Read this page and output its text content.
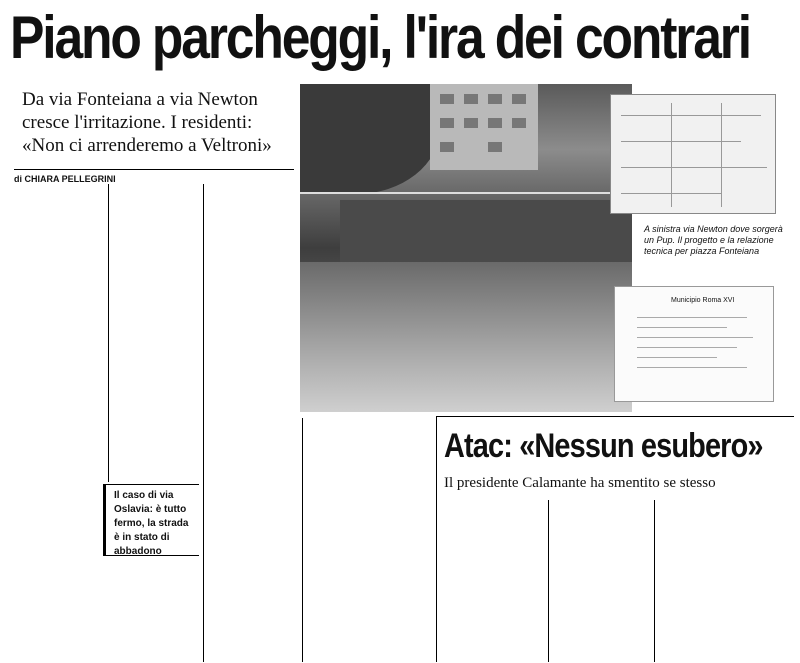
Piano parcheggi, l'ira dei contrari
Da via Fonteiana a via Newton cresce l'irritazione. I residenti: «Non ci arrenderemo a Veltroni»
di CHIARA PELLEGRINI
A sinistra via Newton dove sorgerà un Pup. Il progetto e la relazione tecnica per piazza Fonteiana
Municipio Roma XVI
Il caso di via Oslavia: è tutto fermo, la strada è in stato di abbadono
Atac: «Nessun esubero»
Il presidente Calamante ha smentito se stesso
